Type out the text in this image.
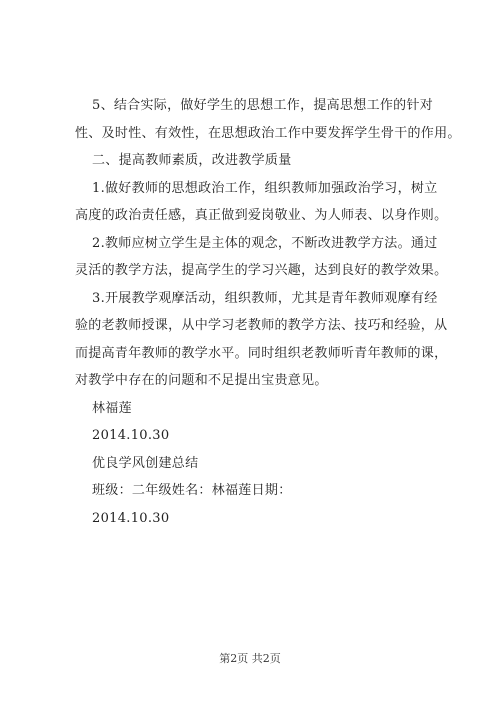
5、结合实际，做好学生的思想工作，提高思想工作的针对
性、及时性、有效性，在思想政治工作中要发挥学生骨干的作用。
二、提高教师素质，改进教学质量
1.做好教师的思想政治工作，组织教师加强政治学习，树立
高度的政治责任感，真正做到爱岗敬业、为人师表、以身作则。
2.教师应树立学生是主体的观念，不断改进教学方法。通过
灵活的教学方法，提高学生的学习兴趣，达到良好的教学效果。
3.开展教学观摩活动，组织教师，尤其是青年教师观摩有经
验的老教师授课，从中学习老教师的教学方法、技巧和经验，从
而提高青年教师的教学水平。同时组织老教师听青年教师的课，
对教学中存在的问题和不足提出宝贵意见。
林福莲
2014.10.30
优良学风创建总结
班级：二年级姓名：林福莲日期：
2014.10.30
第2页 共2页
